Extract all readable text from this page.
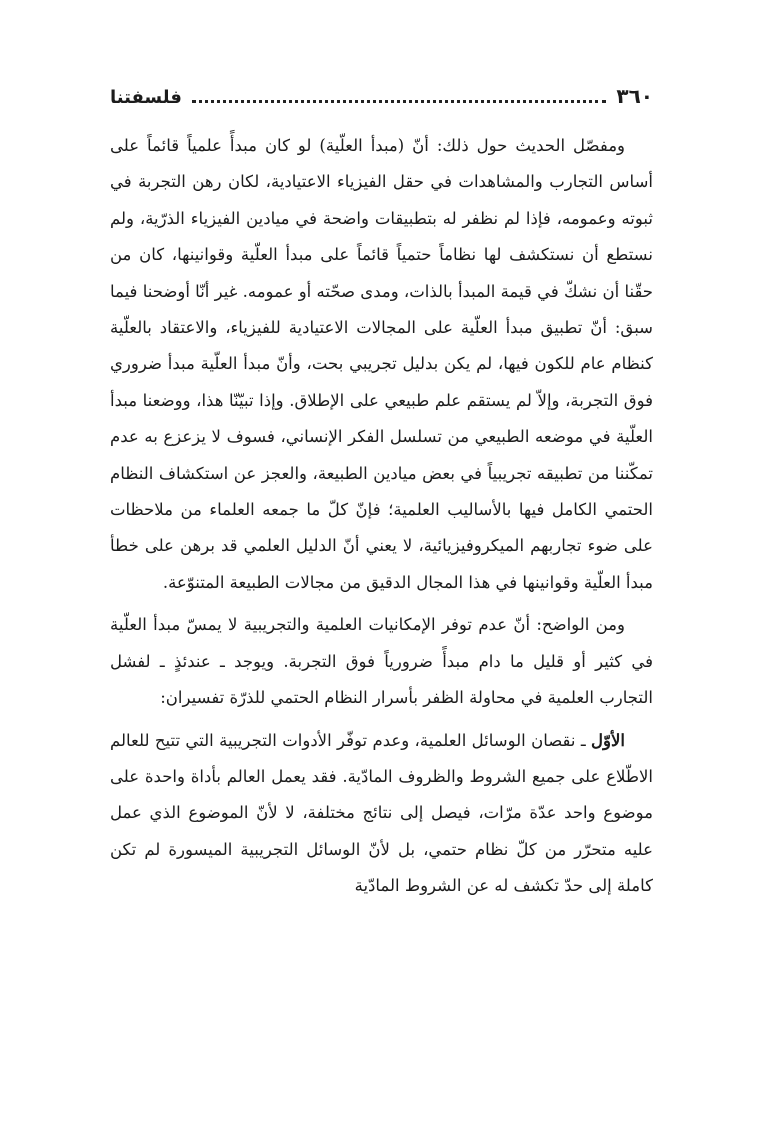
٣٦٠
فلسفتنا

ومفصّل الحديث حول ذلك: أنّ (مبدأ العلّية) لو كان مبدأً علمياً قائماً على أساس التجارب والمشاهدات في حقل الفيزياء الاعتيادية، لكان رهن التجربة في ثبوته وعمومه، فإذا لم نظفر له بتطبيقات واضحة في ميادين الفيزياء الذرّية، ولم نستطع أن نستكشف لها نظاماً حتمياً قائماً على مبدأ العلّية وقوانينها، كان من حقّنا أن نشكّ في قيمة المبدأ بالذات، ومدى صحّته أو عمومه. غير أنّا أوضحنا فيما سبق: أنّ تطبيق مبدأ العلّية على المجالات الاعتيادية للفيزياء، والاعتقاد بالعلّية كنظام عام للكون فيها، لم يكن بدليل تجريبي بحت، وأنّ مبدأ العلّية مبدأ ضروري فوق التجربة، وإلاّ لم يستقم علم طبيعي على الإطلاق. وإذا تبيّنّا هذا، ووضعنا مبدأ العلّية في موضعه الطبيعي من تسلسل الفكر الإنساني، فسوف لا يزعزع به عدم تمكّننا من تطبيقه تجريبياً في بعض ميادين الطبيعة، والعجز عن استكشاف النظام الحتمي الكامل فيها بالأساليب العلمية؛ فإنّ كلّ ما جمعه العلماء من ملاحظات على ضوء تجاربهم الميكروفيزيائية، لا يعني أنّ الدليل العلمي قد برهن على خطأ مبدأ العلّية وقوانينها في هذا المجال الدقيق من مجالات الطبيعة المتنوّعة.

ومن الواضح: أنّ عدم توفر الإمكانيات العلمية والتجريبية لا يمسّ مبدأ العلّية في كثير أو قليل ما دام مبدأً ضرورياً فوق التجربة. ويوجد ـ عندئذٍ ـ لفشل التجارب العلمية في محاولة الظفر بأسرار النظام الحتمي للذرّة تفسيران:

الأوّل ـ نقصان الوسائل العلمية، وعدم توفّر الأدوات التجريبية التي تتيح للعالم الاطّلاع على جميع الشروط والظروف المادّية. فقد يعمل العالم بأداة واحدة على موضوع واحد عدّة مرّات، فيصل إلى نتائج مختلفة، لا لأنّ الموضوع الذي عمل عليه متحرّر من كلّ نظام حتمي، بل لأنّ الوسائل التجريبية الميسورة لم تكن كاملة إلى حدّ تكشف له عن الشروط المادّية
